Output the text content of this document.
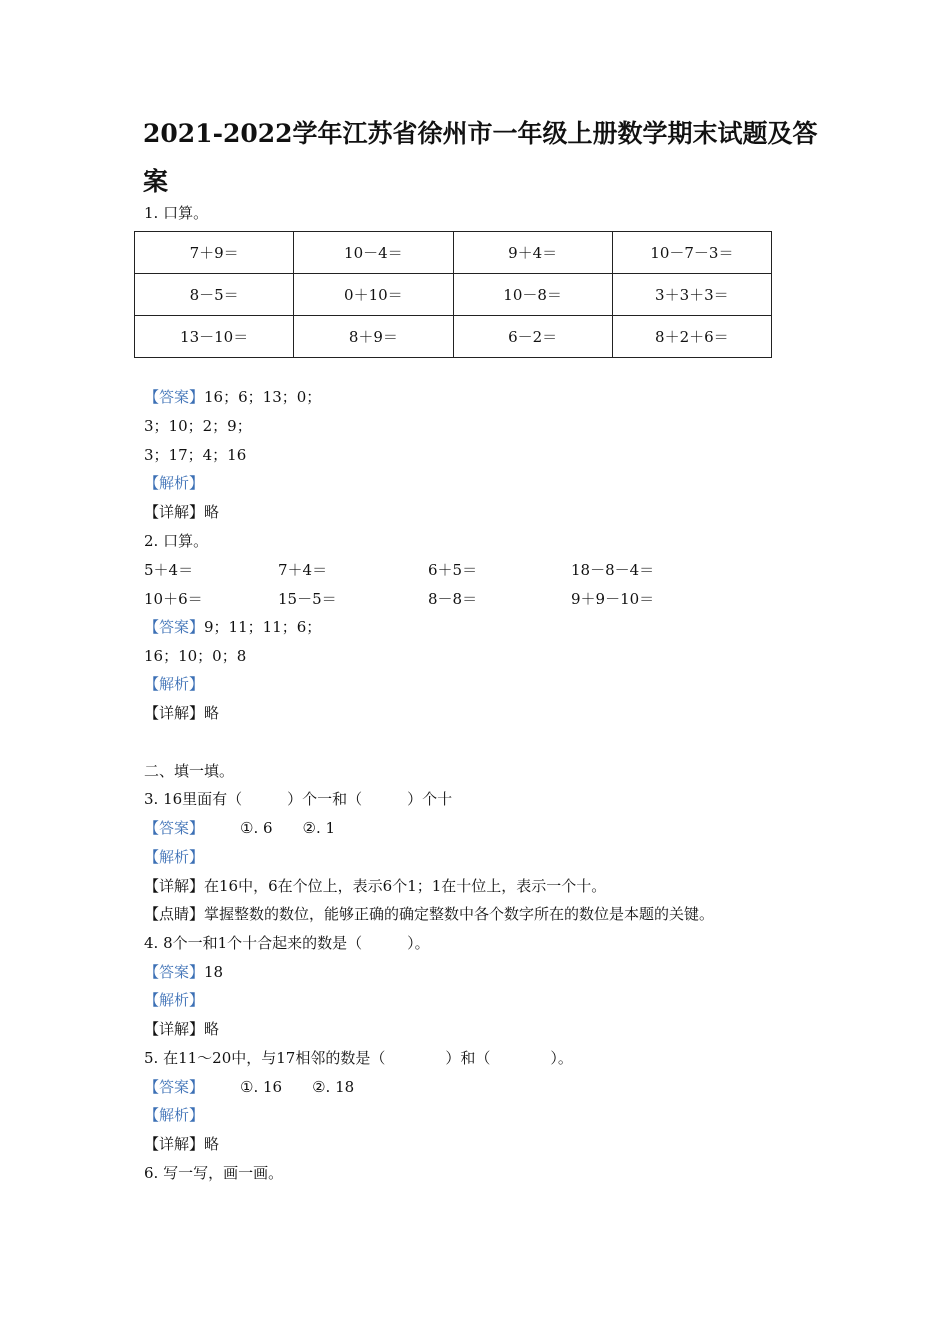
2021-2022学年江苏省徐州市一年级上册数学期末试题及答案
1. 口算。
7＋9＝	10－4＝	9＋4＝	10－7－3＝
8－5＝	0＋10＝	10－8＝	3＋3＋3＝
13－10＝	8＋9＝	6－2＝	8＋2＋6＝
【答案】16；6；13；0；
3；10；2；9；
3；17；4；16
【解析】
【详解】略
2. 口算。
5＋4＝	7＋4＝	6＋5＝	18－8－4＝
10＋6＝	15－5＝	8－8＝	9＋9－10＝
【答案】9；11；11；6；
16；10；0；8
【解析】
【详解】略
二、填一填。
3. 16里面有（　　　）个一和（　　　）个十
【答案】 ①. 6　　②. 1
【解析】
【详解】在16中，6在个位上，表示6个1；1在十位上，表示一个十。
【点睛】掌握整数的数位，能够正确的确定整数中各个数字所在的数位是本题的关键。
4. 8个一和1个十合起来的数是（　　　）。
【答案】18
【解析】
【详解】略
5. 在11～20中，与17相邻的数是（　　　　）和（　　　　）。
【答案】 ①. 16　　②. 18
【解析】
【详解】略
6. 写一写，画一画。
